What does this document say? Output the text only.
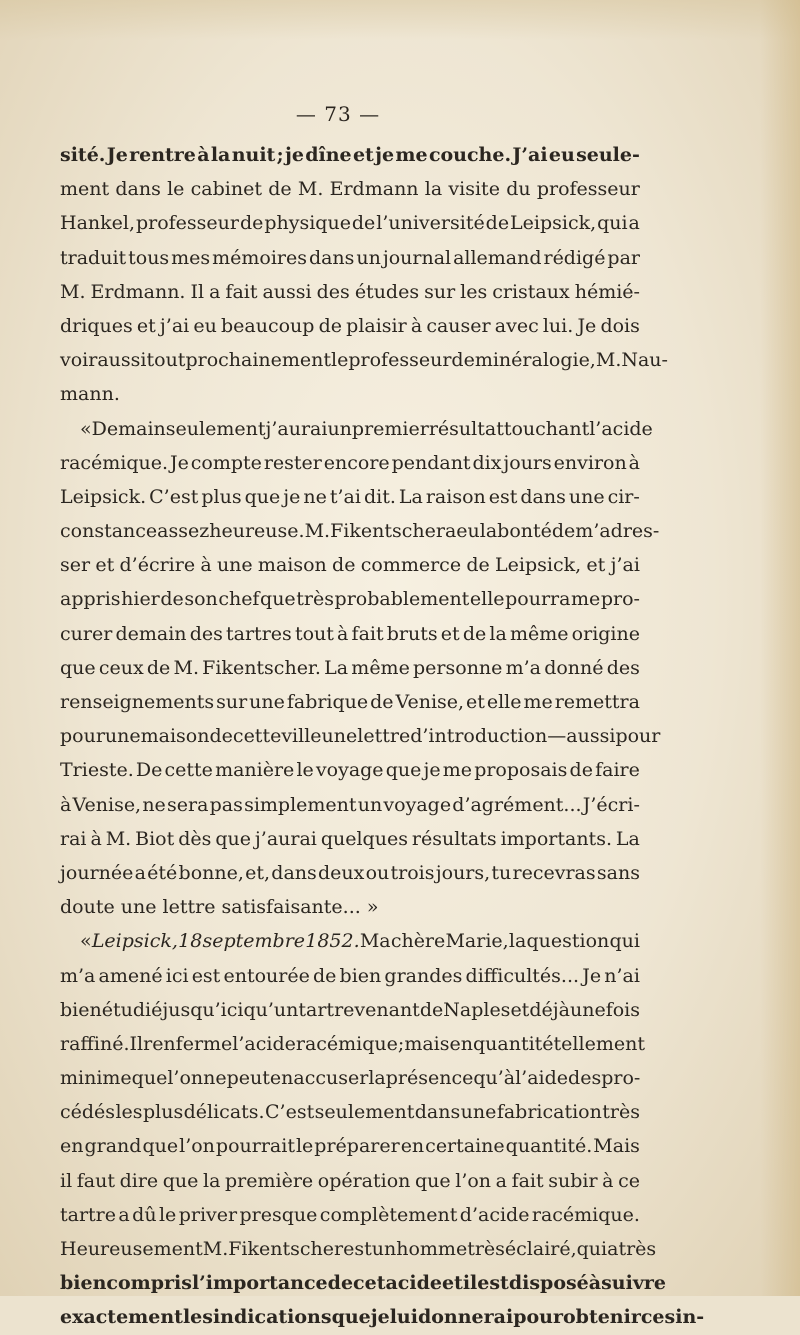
— 73 —
sité. Je rentre à la nuit ; je dîne et je me couche. J’ai eu seule-
ment dans le cabinet de M. Erdmann la visite du professeur
Hankel, professeur de physique de l’université de Leipsick, qui a
traduit tous mes mémoires dans un journal allemand rédigé par
M. Erdmann. Il a fait aussi des études sur les cristaux hémié-
driques et j’ai eu beaucoup de plaisir à causer avec lui. Je dois
voir aussi tout prochainement le professeur de minéralogie, M. Nau-
mann.
« Demain seulement j’aurai un premier résultat touchant l’acide
racémique. Je compte rester encore pendant dix jours environ à
Leipsick. C’est plus que je ne t’ai dit. La raison est dans une cir-
constance assez heureuse. M. Fikentscher a eu la bonté de m’adres-
ser et d’écrire à une maison de commerce de Leipsick, et j’ai
appris hier de son chef que très probablement elle pourra me pro-
curer demain des tartres tout à fait bruts et de la même origine
que ceux de M. Fikentscher. La même personne m’a donné des
renseignements sur une fabrique de Venise, et elle me remettra
pour une maison de cette ville une lettre d’introduction — aussi pour
Trieste. De cette manière le voyage que je me proposais de faire
à Venise, ne sera pas simplement un voyage d’agrément... J’écri-
rai à M. Biot dès que j’aurai quelques résultats importants. La
journée a été bonne, et, dans deux ou trois jours, tu recevras sans
doute une lettre satisfaisante... »
« Leipsick, 18 septembre 1852. Ma chère Marie, la question qui
m’a amené ici est entourée de bien grandes difficultés... Je n’ai
bien étudié jusqu’ici qu’un tartre venant de Naples et déjà une fois
raffiné. Il renferme l’acide racémique ; mais en quantité tellement
minime que l’on ne peut en accuser la présence qu’à l’aide des pro-
cédés les plus délicats. C’est seulement dans une fabrication très
en grand que l’on pourrait le préparer en certaine quantité. Mais
il faut dire que la première opération que l’on a fait subir à ce
tartre a dû le priver presque complètement d’acide racémique.
Heureusement M. Fikentscher est un homme très éclairé, qui a très
bien compris l’importance de cet acide et il est disposé à suivre
exactement les indications que je lui donnerai pour obtenir ce sin-
